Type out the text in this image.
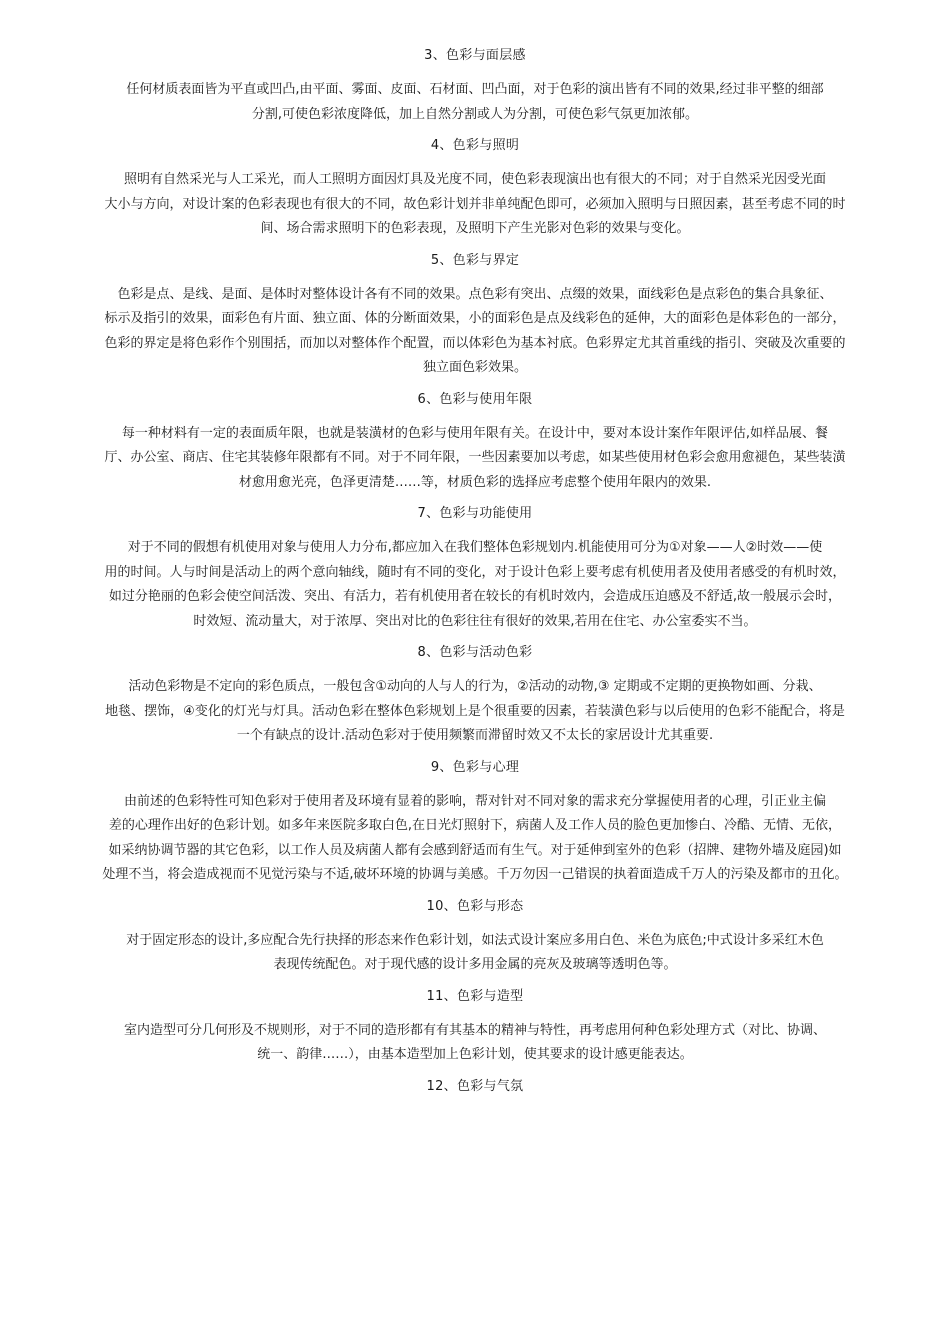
3、色彩与面层感
任何材质表面皆为平直或凹凸,由平面、雾面、皮面、石材面、凹凸面，对于色彩的演出皆有不同的效果,经过非平整的细部
分割,可使色彩浓度降低，加上自然分割或人为分割，可使色彩气氛更加浓郁。
4、色彩与照明
照明有自然采光与人工采光，而人工照明方面因灯具及光度不同，使色彩表现演出也有很大的不同；对于自然采光因受光面
大小与方向，对设计案的色彩表现也有很大的不同，故色彩计划并非单纯配色即可，必须加入照明与日照因素，甚至考虑不同的时
间、场合需求照明下的色彩表现，及照明下产生光影对色彩的效果与变化。
5、色彩与界定
色彩是点、是线、是面、是体时对整体设计各有不同的效果。点色彩有突出、点缀的效果，面线彩色是点彩色的集合具象征、
标示及指引的效果，面彩色有片面、独立面、体的分断面效果，小的面彩色是点及线彩色的延伸，大的面彩色是体彩色的一部分，
色彩的界定是将色彩作个别围括，而加以对整体作个配置，而以体彩色为基本衬底。色彩界定尤其首重线的指引、突破及次重要的
独立面色彩效果。
6、色彩与使用年限
每一种材料有一定的表面质年限，也就是装潢材的色彩与使用年限有关。在设计中，要对本设计案作年限评估,如样品展、餐
厅、办公室、商店、住宅其装修年限都有不同。对于不同年限，一些因素要加以考虑，如某些使用材色彩会愈用愈褪色，某些装潢
材愈用愈光亮，色泽更清楚……等，材质色彩的选择应考虑整个使用年限内的效果.
7、色彩与功能使用
对于不同的假想有机使用对象与使用人力分布,都应加入在我们整体色彩规划内.机能使用可分为①对象——人②时效——使
用的时间。人与时间是活动上的两个意向轴线，随时有不同的变化，对于设计色彩上要考虑有机使用者及使用者感受的有机时效，
如过分艳丽的色彩会使空间活泼、突出、有活力，若有机使用者在较长的有机时效内，会造成压迫感及不舒适,故一般展示会时，
时效短、流动量大，对于浓厚、突出对比的色彩往往有很好的效果,若用在住宅、办公室委实不当。
8、色彩与活动色彩
活动色彩物是不定向的彩色质点，一般包含①动向的人与人的行为，②活动的动物,③ 定期或不定期的更换物如画、分栽、
地毯、摆饰，④变化的灯光与灯具。活动色彩在整体色彩规划上是个很重要的因素，若装潢色彩与以后使用的色彩不能配合，将是
一个有缺点的设计.活动色彩对于使用频繁而滞留时效又不太长的家居设计尤其重要.
9、色彩与心理
由前述的色彩特性可知色彩对于使用者及环境有显着的影响，帮对针对不同对象的需求充分掌握使用者的心理，引正业主偏
差的心理作出好的色彩计划。如多年来医院多取白色,在日光灯照射下，病菌人及工作人员的脸色更加惨白、冷酷、无情、无依，
如采纳协调节器的其它色彩，以工作人员及病菌人都有会感到舒适而有生气。对于延伸到室外的色彩（招牌、建物外墙及庭园)如
处理不当，将会造成视而不见觉污染与不适,破坏环境的协调与美感。千万勿因一己错误的执着面造成千万人的污染及都市的丑化。
10、色彩与形态
对于固定形态的设计,多应配合先行抉择的形态来作色彩计划，如法式设计案应多用白色、米色为底色;中式设计多采红木色
表现传统配色。对于现代感的设计多用金属的亮灰及玻璃等透明色等。
11、色彩与造型
室内造型可分几何形及不规则形，对于不同的造形都有有其基本的精神与特性，再考虑用何种色彩处理方式（对比、协调、
统一、韵律……），由基本造型加上色彩计划，使其要求的设计感更能表达。
12、色彩与气氛
